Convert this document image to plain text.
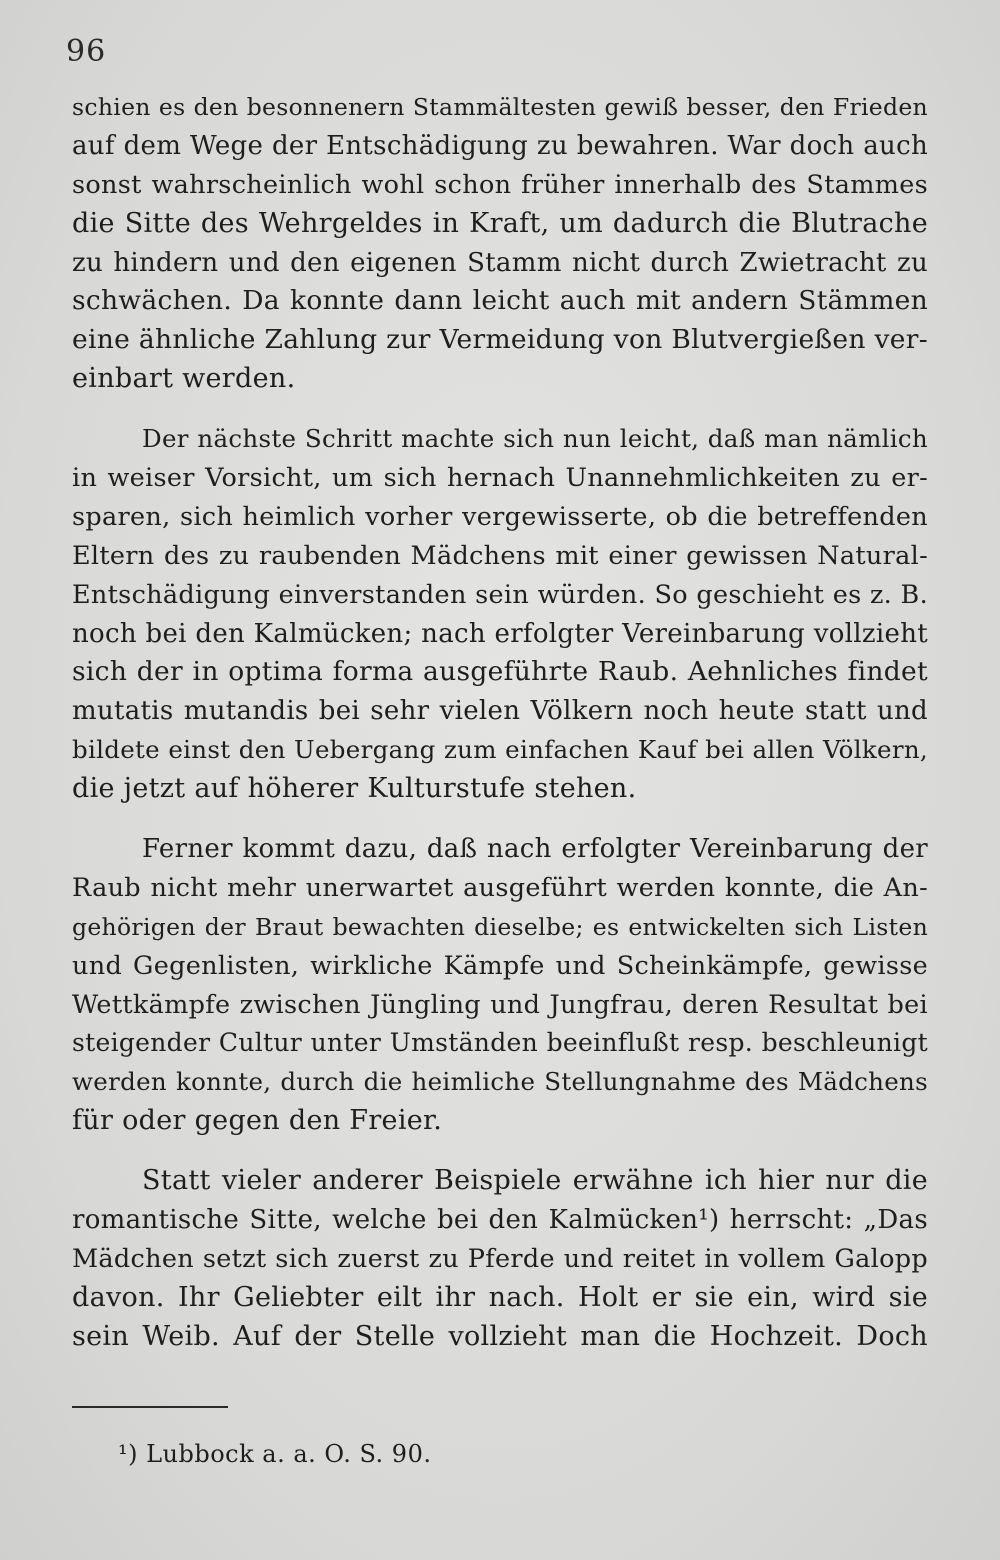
96
schien es den besonnenern Stammältesten gewiß besser, den Frieden
auf dem Wege der Entschädigung zu bewahren. War doch auch
sonst wahrscheinlich wohl schon früher innerhalb des Stammes
die Sitte des Wehrgeldes in Kraft, um dadurch die Blutrache
zu hindern und den eigenen Stamm nicht durch Zwietracht zu
schwächen. Da konnte dann leicht auch mit andern Stämmen
eine ähnliche Zahlung zur Vermeidung von Blutvergießen ver-
einbart werden.
Der nächste Schritt machte sich nun leicht, daß man nämlich
in weiser Vorsicht, um sich hernach Unannehmlichkeiten zu er-
sparen, sich heimlich vorher vergewisserte, ob die betreffenden
Eltern des zu raubenden Mädchens mit einer gewissen Natural-
Entschädigung einverstanden sein würden. So geschieht es z. B.
noch bei den Kalmücken; nach erfolgter Vereinbarung vollzieht
sich der in optima forma ausgeführte Raub. Aehnliches findet
mutatis mutandis bei sehr vielen Völkern noch heute statt und
bildete einst den Uebergang zum einfachen Kauf bei allen Völkern,
die jetzt auf höherer Kulturstufe stehen.
Ferner kommt dazu, daß nach erfolgter Vereinbarung der
Raub nicht mehr unerwartet ausgeführt werden konnte, die An-
gehörigen der Braut bewachten dieselbe; es entwickelten sich Listen
und Gegenlisten, wirkliche Kämpfe und Scheinkämpfe, gewisse
Wettkämpfe zwischen Jüngling und Jungfrau, deren Resultat bei
steigender Cultur unter Umständen beeinflußt resp. beschleunigt
werden konnte, durch die heimliche Stellungnahme des Mädchens
für oder gegen den Freier.
Statt vieler anderer Beispiele erwähne ich hier nur die
romantische Sitte, welche bei den Kalmücken¹) herrscht: „Das
Mädchen setzt sich zuerst zu Pferde und reitet in vollem Galopp
davon. Ihr Geliebter eilt ihr nach. Holt er sie ein, wird sie
sein Weib. Auf der Stelle vollzieht man die Hochzeit. Doch
¹) Lubbock a. a. O. S. 90.
